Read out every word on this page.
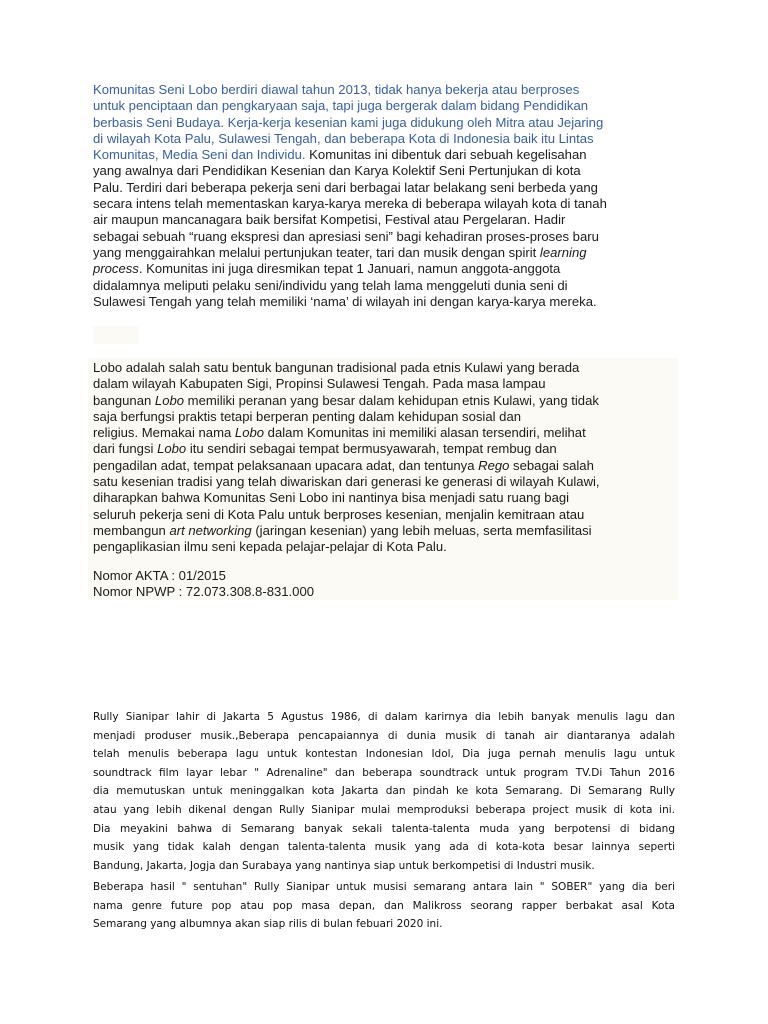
Komunitas Seni Lobo berdiri diawal tahun 2013, tidak hanya bekerja atau berproses
untuk penciptaan dan pengkaryaan saja, tapi juga bergerak dalam bidang Pendidikan
berbasis Seni Budaya. Kerja-kerja kesenian kami juga didukung oleh Mitra atau Jejaring
di wilayah Kota Palu, Sulawesi Tengah, dan beberapa Kota di Indonesia baik itu Lintas
Komunitas, Media Seni dan Individu. Komunitas ini dibentuk dari sebuah kegelisahan
yang awalnya dari Pendidikan Kesenian dan Karya Kolektif Seni Pertunjukan di kota
Palu. Terdiri dari beberapa pekerja seni dari berbagai latar belakang seni berbeda yang
secara intens telah mementaskan karya-karya mereka di beberapa wilayah kota di tanah
air maupun mancanagara baik bersifat Kompetisi, Festival atau Pergelaran. Hadir
sebagai sebuah “ruang ekspresi dan apresiasi seni” bagi kehadiran proses-proses baru
yang menggairahkan melalui pertunjukan teater, tari dan musik dengan spirit learning
process. Komunitas ini juga diresmikan tepat 1 Januari, namun anggota-anggota
didalamnya meliputi pelaku seni/individu yang telah lama menggeluti dunia seni di
Sulawesi Tengah yang telah memiliki ‘nama’ di wilayah ini dengan karya-karya mereka.

Lobo adalah salah satu bentuk bangunan tradisional pada etnis Kulawi yang berada
dalam wilayah Kabupaten Sigi, Propinsi Sulawesi Tengah. Pada masa lampau
bangunan Lobo memiliki peranan yang besar dalam kehidupan etnis Kulawi, yang tidak
saja berfungsi praktis tetapi berperan penting dalam kehidupan sosial dan
religius. Memakai nama Lobo dalam Komunitas ini memiliki alasan tersendiri, melihat
dari fungsi Lobo itu sendiri sebagai tempat bermusyawarah, tempat rembug dan
pengadilan adat, tempat pelaksanaan upacara adat, dan tentunya Rego sebagai salah
satu kesenian tradisi yang telah diwariskan dari generasi ke generasi di wilayah Kulawi,
diharapkan bahwa Komunitas Seni Lobo ini nantinya bisa menjadi satu ruang bagi
seluruh pekerja seni di Kota Palu untuk berproses kesenian, menjalin kemitraan atau
membangun art networking (jaringan kesenian) yang lebih meluas, serta memfasilitasi
pengaplikasian ilmu seni kepada pelajar-pelajar di Kota Palu.

Nomor AKTA : 01/2015
Nomor NPWP : 72.073.308.8-831.000

Rully Sianipar lahir di Jakarta 5 Agustus 1986, di dalam karirnya dia lebih banyak menulis lagu dan
menjadi produser musik.,Beberapa pencapaiannya di dunia musik di tanah air diantaranya adalah
telah menulis beberapa lagu untuk kontestan Indonesian Idol, Dia juga pernah menulis lagu untuk
soundtrack film layar lebar " Adrenaline" dan beberapa soundtrack untuk program TV.Di Tahun 2016
dia memutuskan untuk meninggalkan kota Jakarta dan pindah ke kota Semarang. Di Semarang Rully
atau yang lebih dikenal dengan Rully Sianipar mulai memproduksi beberapa project musik di kota ini.
Dia meyakini bahwa di Semarang banyak sekali talenta-talenta muda yang berpotensi di bidang
musik yang tidak kalah dengan talenta-talenta musik yang ada di kota-kota besar lainnya seperti
Bandung, Jakarta, Jogja dan Surabaya yang nantinya siap untuk berkompetisi di Industri musik.

Beberapa hasil " sentuhan" Rully Sianipar untuk musisi semarang antara lain " SOBER" yang dia beri
nama genre future pop atau pop masa depan, dan Malikross seorang rapper berbakat asal Kota
Semarang yang albumnya akan siap rilis di bulan febuari 2020 ini.
